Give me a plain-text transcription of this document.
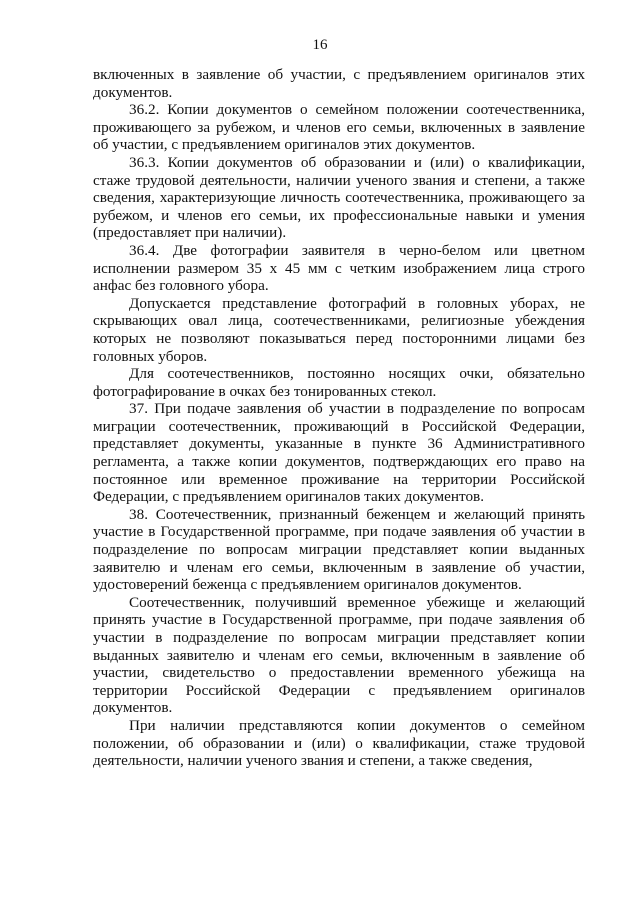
16

включенных в заявление об участии, с предъявлением оригиналов этих документов.

36.2. Копии документов о семейном положении соотечественника, проживающего за рубежом, и членов его семьи, включенных в заявление об участии, с предъявлением оригиналов этих документов.

36.3. Копии документов об образовании и (или) о квалификации, стаже трудовой деятельности, наличии ученого звания и степени, а также сведения, характеризующие личность соотечественника, проживающего за рубежом, и членов его семьи, их профессиональные навыки и умения (предоставляет при наличии).

36.4. Две фотографии заявителя в черно-белом или цветном исполнении размером 35 х 45 мм с четким изображением лица строго анфас без головного убора.

Допускается представление фотографий в головных уборах, не скрывающих овал лица, соотечественниками, религиозные убеждения которых не позволяют показываться перед посторонними лицами без головных уборов.

Для соотечественников, постоянно носящих очки, обязательно фотографирование в очках без тонированных стекол.

37. При подаче заявления об участии в подразделение по вопросам миграции соотечественник, проживающий в Российской Федерации, представляет документы, указанные в пункте 36 Административного регламента, а также копии документов, подтверждающих его право на постоянное или временное проживание на территории Российской Федерации, с предъявлением оригиналов таких документов.

38. Соотечественник, признанный беженцем и желающий принять участие в Государственной программе, при подаче заявления об участии в подразделение по вопросам миграции представляет копии выданных заявителю и членам его семьи, включенным в заявление об участии, удостоверений беженца с предъявлением оригиналов документов.

Соотечественник, получивший временное убежище и желающий принять участие в Государственной программе, при подаче заявления об участии в подразделение по вопросам миграции представляет копии выданных заявителю и членам его семьи, включенным в заявление об участии, свидетельство о предоставлении временного убежища на территории Российской Федерации с предъявлением оригиналов документов.

При наличии представляются копии документов о семейном положении, об образовании и (или) о квалификации, стаже трудовой деятельности, наличии ученого звания и степени, а также сведения,
